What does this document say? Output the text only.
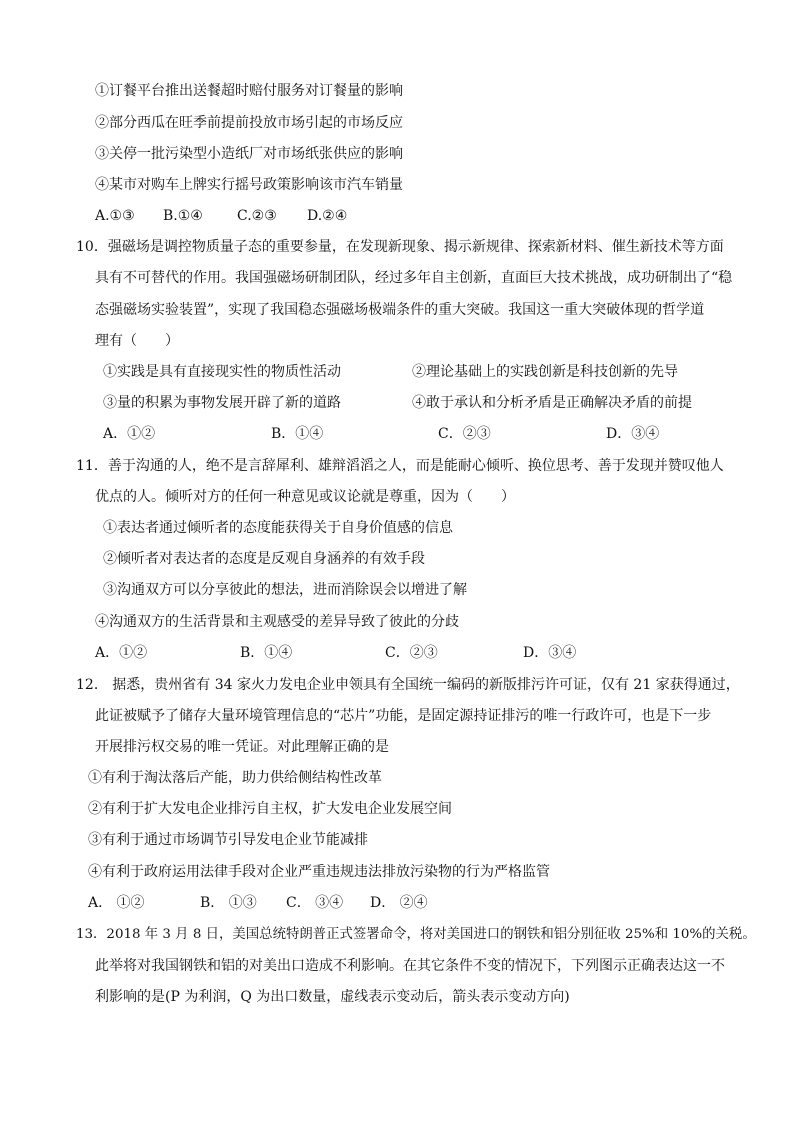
①订餐平台推出送餐超时赔付服务对订餐量的影响
②部分西瓜在旺季前提前投放市场引起的市场反应
③关停一批污染型小造纸厂对市场纸张供应的影响
④某市对购车上牌实行摇号政策影响该市汽车销量
A.①③ B.①④ C.②③ D.②④
10．强磁场是调控物质量子态的重要参量，在发现新现象、揭示新规律、探索新材料、催生新技术等方面
具有不可替代的作用。我国强磁场研制团队，经过多年自主创新，直面巨大技术挑战，成功研制出了“稳
态强磁场实验装置”，实现了我国稳态强磁场极端条件的重大突破。我国这一重大突破体现的哲学道
理有（　　）
①实践是具有直接现实性的物质性活动	②理论基础上的实践创新是科技创新的先导
③量的积累为事物发展开辟了新的道路	④敢于承认和分析矛盾是正确解决矛盾的前提
A．①②	B．①④	C．②③	D．③④
11．善于沟通的人，绝不是言辞犀利、雄辩滔滔之人，而是能耐心倾听、换位思考、善于发现并赞叹他人
优点的人。倾听对方的任何一种意见或议论就是尊重，因为（　　）
①表达者通过倾听者的态度能获得关于自身价值感的信息
②倾听者对表达者的态度是反观自身涵养的有效手段
③沟通双方可以分享彼此的想法，进而消除误会以增进了解
④沟通双方的生活背景和主观感受的差异导致了彼此的分歧
A．①②	B．①④	C．②③	D．③④
12． 据悉，贵州省有 34 家火力发电企业申领具有全国统一编码的新版排污许可证，仅有 21 家获得通过，
此证被赋予了储存大量环境管理信息的“芯片”功能，是固定源持证排污的唯一行政许可，也是下一步
开展排污权交易的唯一凭证。对此理解正确的是
①有利于淘汰落后产能，助力供给侧结构性改革
②有利于扩大发电企业排污自主权，扩大发电企业发展空间
③有利于通过市场调节引导发电企业节能减排
④有利于政府运用法律手段对企业严重违规违法排放污染物的行为严格监管
A． ①②	B． ①③ C． ③④ D． ②④
13．2018 年 3 月 8 日，美国总统特朗普正式签署命令，将对美国进口的钢铁和铝分别征收 25%和 10%的关税。
此举将对我国钢铁和铝的对美出口造成不利影响。在其它条件不变的情况下，下列图示正确表达这一不
利影响的是(P 为利润，Q 为出口数量，虚线表示变动后，箭头表示变动方向)
